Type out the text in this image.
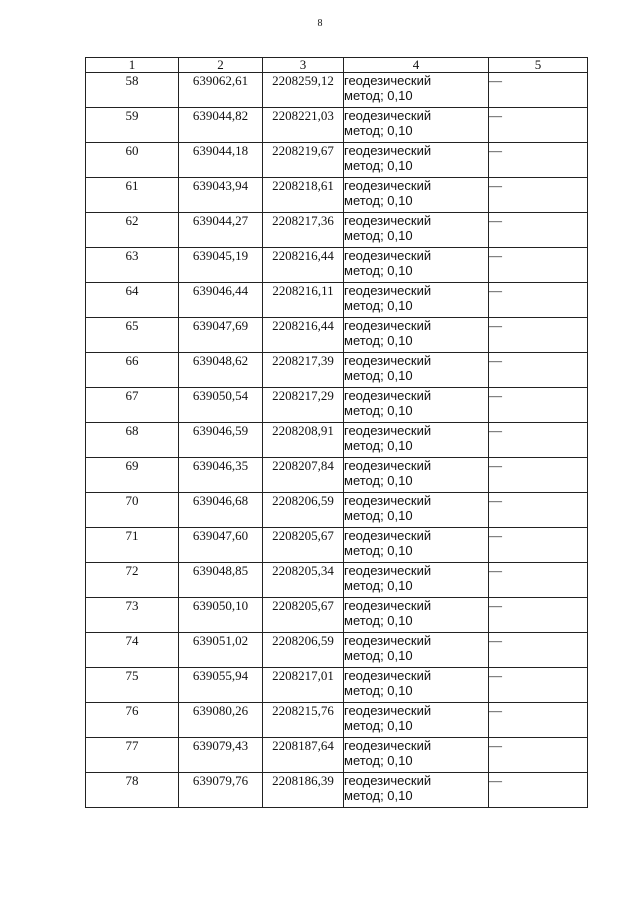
8
1	2	3	4	5
58	639062,61	2208259,12	геодезический
метод; 0,10	—
59	639044,82	2208221,03	геодезический
метод; 0,10	—
60	639044,18	2208219,67	геодезический
метод; 0,10	—
61	639043,94	2208218,61	геодезический
метод; 0,10	—
62	639044,27	2208217,36	геодезический
метод; 0,10	—
63	639045,19	2208216,44	геодезический
метод; 0,10	—
64	639046,44	2208216,11	геодезический
метод; 0,10	—
65	639047,69	2208216,44	геодезический
метод; 0,10	—
66	639048,62	2208217,39	геодезический
метод; 0,10	—
67	639050,54	2208217,29	геодезический
метод; 0,10	—
68	639046,59	2208208,91	геодезический
метод; 0,10	—
69	639046,35	2208207,84	геодезический
метод; 0,10	—
70	639046,68	2208206,59	геодезический
метод; 0,10	—
71	639047,60	2208205,67	геодезический
метод; 0,10	—
72	639048,85	2208205,34	геодезический
метод; 0,10	—
73	639050,10	2208205,67	геодезический
метод; 0,10	—
74	639051,02	2208206,59	геодезический
метод; 0,10	—
75	639055,94	2208217,01	геодезический
метод; 0,10	—
76	639080,26	2208215,76	геодезический
метод; 0,10	—
77	639079,43	2208187,64	геодезический
метод; 0,10	—
78	639079,76	2208186,39	геодезический
метод; 0,10	—
